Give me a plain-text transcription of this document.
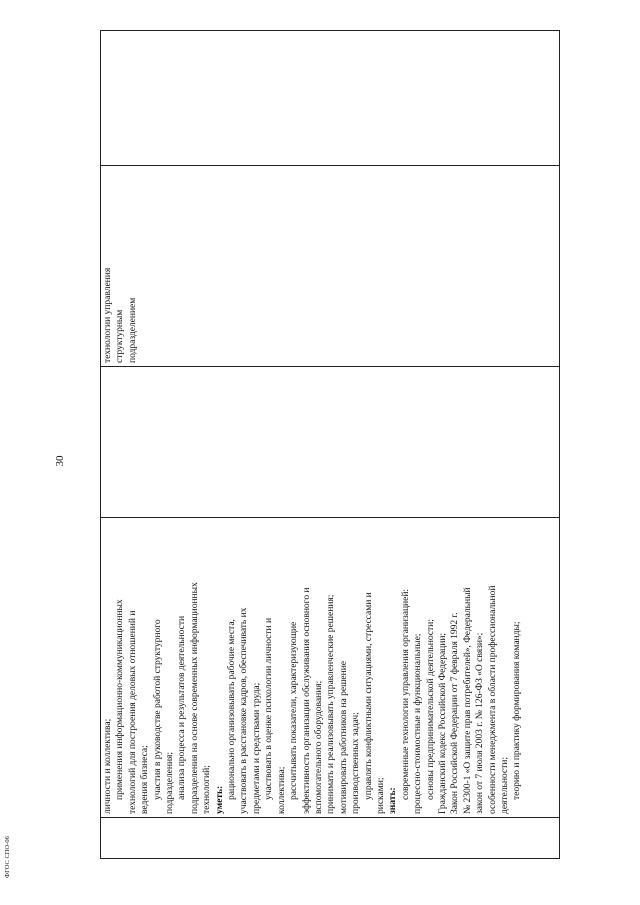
30

личности и коллектива; применения информационно-коммуникационных технологий для построения деловых отношений и ведения бизнеса; участия в руководстве работой структурного подразделения; анализа процесса и результатов деятельности подразделения на основе современных информационных технологий; уметь: рационально организовывать рабочие места, участвовать в расстановке кадров, обеспечивать их предметами и средствами труда; участвовать в оценке психологии личности и коллектива; рассчитывать показатели, характеризующие эффективность организации обслуживания основного и вспомогательного оборудования; принимать и реализовывать управленческие решения; мотивировать работников на решение производственных задач; управлять конфликтными ситуациями, стрессами и рисками; знать:
современные технологии управления организацией: процессно-стоимостные и функциональные; основы предпринимательской деятельности; Гражданский кодекс Российской Федерации; Закон Российской Федерации от 7 февраля 1992 г. № 2300-1 «О защите прав потребителей», Федеральный закон от 7 июля 2003 г. № 126-ФЗ «О связи»; особенности менеджмента в области профессиональной деятельности; теорию и практику формирования команды;

технологии управления структурным подразделением

ФГОС СПО-06
